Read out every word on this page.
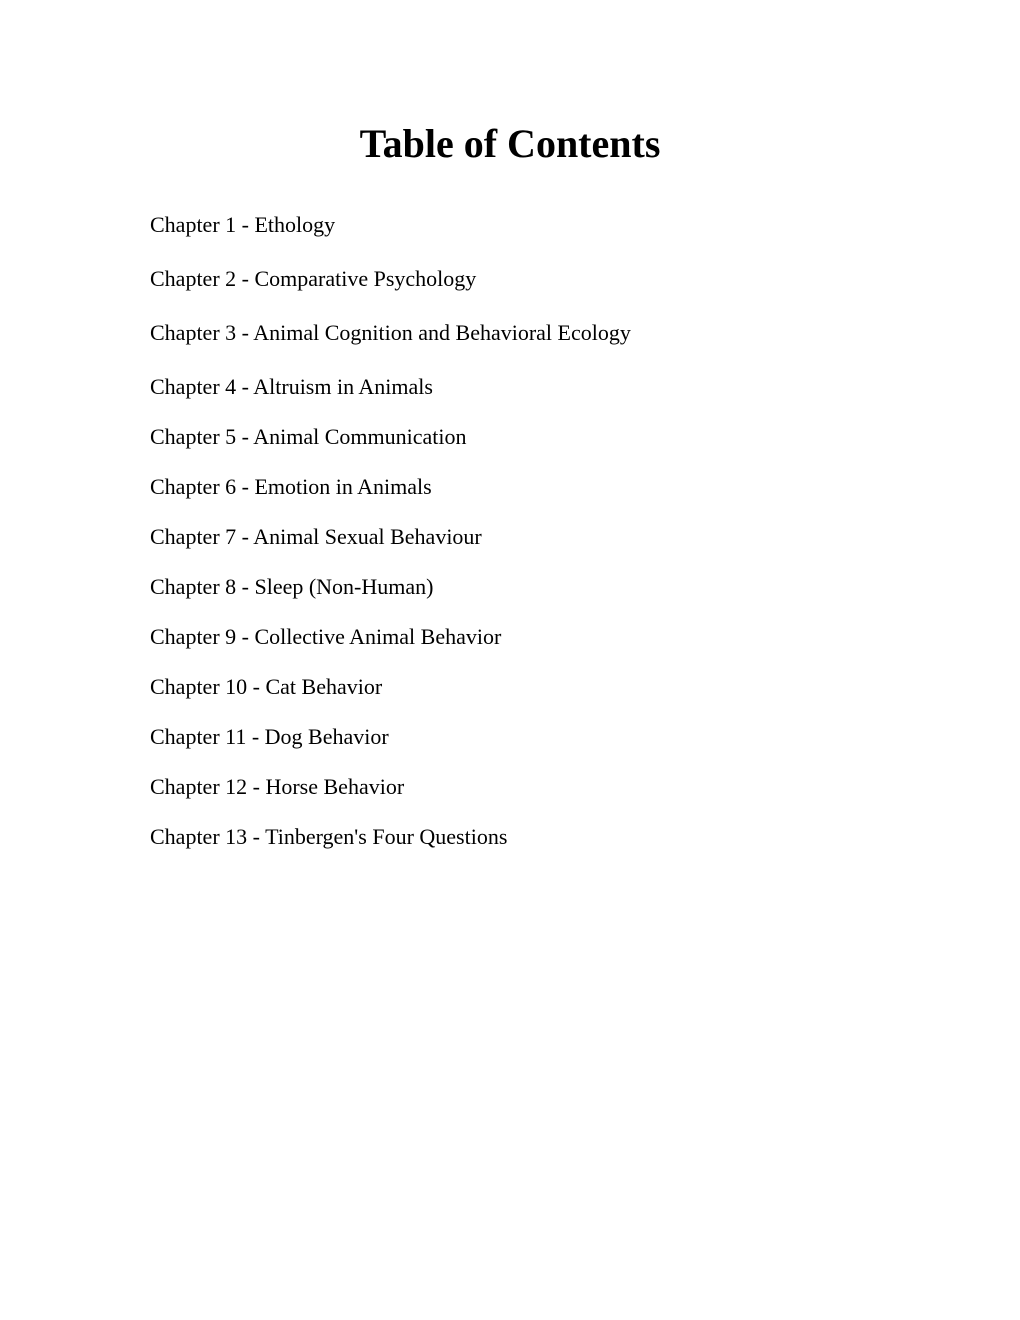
Table of Contents
Chapter 1 - Ethology
Chapter 2 - Comparative Psychology
Chapter 3 - Animal Cognition and Behavioral Ecology
Chapter 4 - Altruism in Animals
Chapter 5 - Animal Communication
Chapter 6 - Emotion in Animals
Chapter 7 - Animal Sexual Behaviour
Chapter 8 - Sleep (Non-Human)
Chapter 9 - Collective Animal Behavior
Chapter 10 - Cat Behavior
Chapter 11 - Dog Behavior
Chapter 12 - Horse Behavior
Chapter 13 - Tinbergen's Four Questions
